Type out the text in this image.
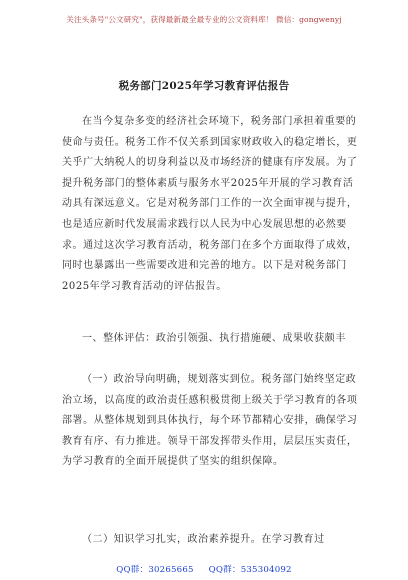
关注头条号"公文研究"，获得最新最全最专业的公文资料库！ 微信：gongwenyj
税务部门2025年学习教育评估报告
在当今复杂多变的经济社会环境下，税务部门承担着重要的使命与责任。税务工作不仅关系到国家财政收入的稳定增长，更关乎广大纳税人的切身利益以及市场经济的健康有序发展。为了提升税务部门的整体素质与服务水平2025年开展的学习教育活动具有深远意义。它是对税务部门工作的一次全面审视与提升，也是适应新时代发展需求践行以人民为中心发展思想的必然要求。通过这次学习教育活动，税务部门在多个方面取得了成效，同时也暴露出一些需要改进和完善的地方。以下是对税务部门2025年学习教育活动的评估报告。
一、整体评估：政治引领强、执行措施硬、成果收获颇丰
（一）政治导向明确，规划落实到位。税务部门始终坚定政治立场，以高度的政治责任感积极贯彻上级关于学习教育的各项部署。从整体规划到具体执行，每个环节都精心安排，确保学习教育有序、有力推进。领导干部发挥带头作用，层层压实责任，为学习教育的全面开展提供了坚实的组织保障。
（二）知识学习扎实，政治素养提升。在学习教育过
QQ群：30265665 QQ群：535304092
